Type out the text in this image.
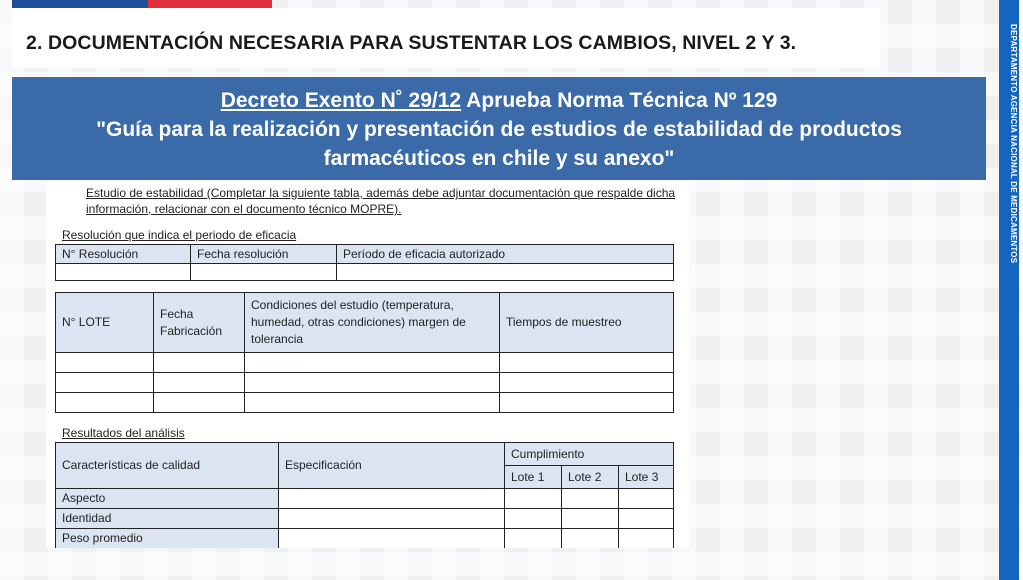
2. DOCUMENTACIÓN NECESARIA PARA SUSTENTAR LOS CAMBIOS, NIVEL 2 Y 3.	DEPARTAMENTO AGENCIA NACIONAL DE MEDICAMENTOS
Decreto Exento N˚ 29/12 Aprueba Norma Técnica Nº 129
"Guía para la realización y presentación de estudios de estabilidad de productos
farmacéuticos en chile y su anexo"
Estudio de estabilidad (Completar la siguiente tabla, además debe adjuntar documentación que respalde dicha información, relacionar con el documento técnico MOPRE).
Resolución que indica el periodo de eficacia
N° Resolución	Fecha resolución	Período de eficacia autorizado

N° LOTE	Fecha Fabricación	Condiciones del estudio (temperatura, humedad, otras condiciones) margen de tolerancia	Tiempos de muestreo

Resultados del análisis
Características de calidad	Especificación	Cumplimiento		
		Lote 1	Lote 2	Lote 3
Aspecto				
Identidad				
Peso promedio				
